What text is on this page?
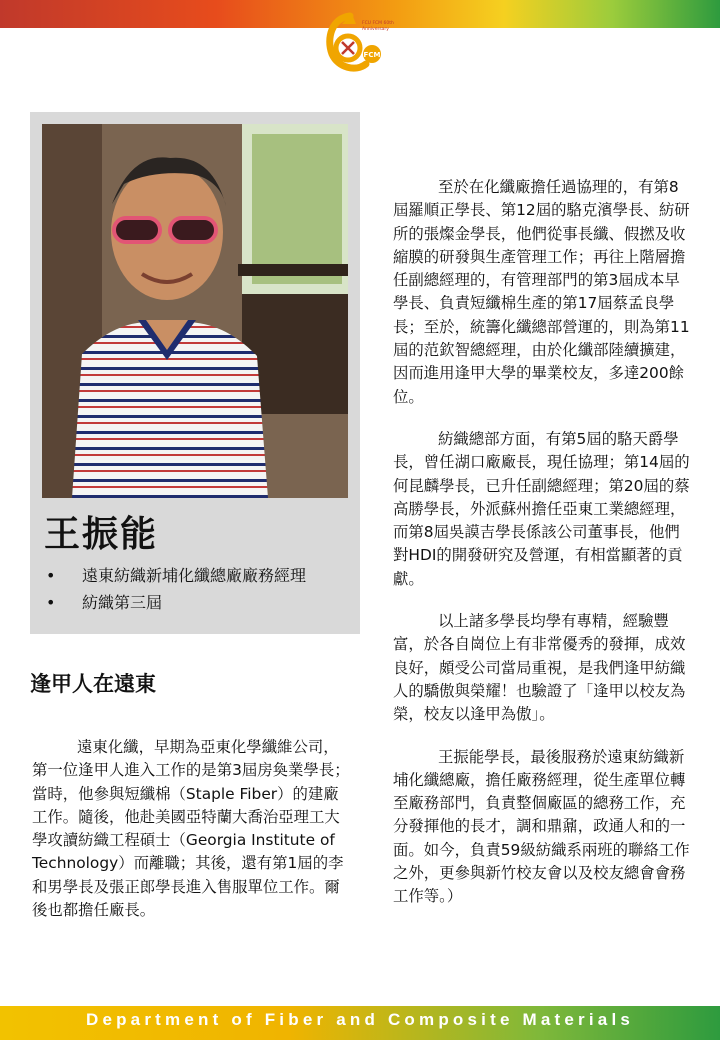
FCM
FCU FCM 60th
Anniversary
王振能
• 遠東紡織新埔化纖總廠廠務經理
• 紡織第三屆
逢甲人在遠東

遠東化纖，早期為亞東化學纖維公司，第一位逢甲人進入工作的是第3屆房奐業學長；當時，他參與短纖棉（Staple Fiber）的建廠工作。隨後，他赴美國亞特蘭大喬治亞理工大學攻讀紡織工程碩士（Georgia Institute of Technology）而離職；其後，還有第1屆的李和男學長及張正郎學長進入售服單位工作。爾後也都擔任廠長。

至於在化纖廠擔任過協理的，有第8屆羅順正學長、第12屆的駱克濱學長、紡研所的張燦金學長，他們從事長纖、假撚及收縮膜的研發與生產管理工作；再往上階層擔任副總經理的，有管理部門的第3屆成本早學長、負責短纖棉生產的第17屆蔡孟良學長；至於，統籌化纖總部營運的，則為第11屆的范欽智總經理，由於化纖部陸續擴建，因而進用逢甲大學的畢業校友，多達200餘位。

紡織總部方面，有第5屆的駱天爵學長，曾任湖口廠廠長，現任協理；第14屆的何昆麟學長，已升任副總經理；第20屆的蔡高勝學長，外派蘇州擔任亞東工業總經理，而第8屆吳謨吉學長係該公司董事長，他們對HDI的開發研究及營運，有相當顯著的貢獻。

以上諸多學長均學有專精，經驗豐富，於各自崗位上有非常優秀的發揮，成效良好，頗受公司當局重視，是我們逢甲紡織人的驕傲與榮耀！也驗證了「逢甲以校友為榮，校友以逢甲為傲」。

王振能學長，最後服務於遠東紡織新埔化纖總廠，擔任廠務經理，從生產單位轉至廠務部門，負責整個廠區的總務工作，充分發揮他的長才，調和鼎鼐，政通人和的一面。如今，負責59級紡織系兩班的聯絡工作之外，更參與新竹校友會以及校友總會會務工作等。）

Department of Fiber and Composite Materials
